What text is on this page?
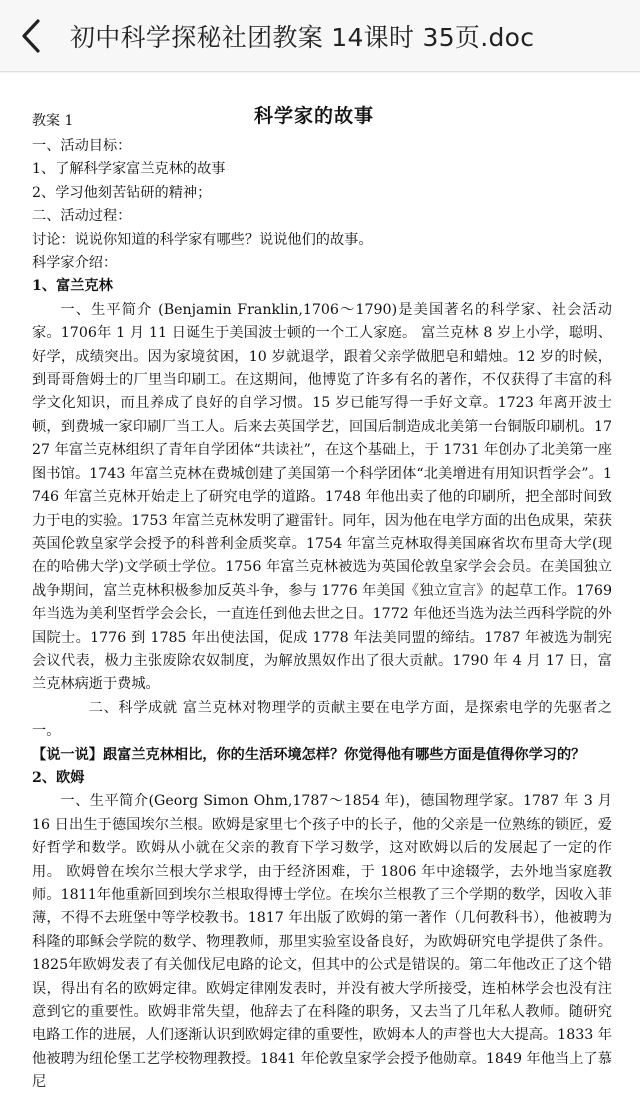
初中科学探秘社团教案 14课时 35页.doc
教案 1	科学家的故事
一、活动目标：
1、了解科学家富兰克林的故事
2、学习他刻苦钻研的精神；
二、活动过程：
讨论：说说你知道的科学家有哪些？说说他们的故事。
科学家介绍：
1、富兰克林

一、生平简介 (Benjamin Franklin,1706～1790)是美国著名的科学家、社会活动家。1706年 1 月 11 日诞生于美国波士顿的一个工人家庭。 富兰克林 8 岁上小学，聪明、好学，成绩突出。因为家境贫困，10 岁就退学，跟着父亲学做肥皂和蜡烛。12 岁的时候，到哥哥詹姆士的厂里当印刷工。在这期间，他博览了许多有名的著作，不仅获得了丰富的科学文化知识，而且养成了良好的自学习惯。15 岁已能写得一手好文章。1723 年离开波士顿，到费城一家印刷厂当工人。后来去英国学艺，回国后制造成北美第一台铜版印刷机。1727 年富兰克林组织了青年自学团体“共读社”，在这个基础上，于 1731 年创办了北美第一座图书馆。1743 年富兰克林在费城创建了美国第一个科学团体“北美增进有用知识哲学会”。1746 年富兰克林开始走上了研究电学的道路。1748 年他出卖了他的印刷所，把全部时间致力于电的实验。1753 年富兰克林发明了避雷针。同年，因为他在电学方面的出色成果，荣获英国伦敦皇家学会授予的科普利金质奖章。1754 年富兰克林取得美国麻省坎布里奇大学(现在的哈佛大学)文学硕士学位。1756 年富兰克林被选为英国伦敦皇家学会会员。在美国独立战争期间，富兰克林积极参加反英斗争，参与 1776 年美国《独立宣言》的起草工作。1769 年当选为美利坚哲学会会长，一直连任到他去世之日。1772 年他还当选为法兰西科学院的外国院士。1776 到 1785 年出使法国，促成 1778 年法美同盟的缔结。1787 年被选为制宪会议代表，极力主张废除农奴制度，为解放黑奴作出了很大贡献。1790 年 4 月 17 日，富兰克林病逝于费城。

二、科学成就 富兰克林对物理学的贡献主要在电学方面，是探索电学的先驱者之一。

【说一说】跟富兰克林相比，你的生活环境怎样？你觉得他有哪些方面是值得你学习的？
2、欧姆

一、生平简介(Georg Simon Ohm,1787～1854 年)，德国物理学家。1787 年 3 月 16 日出生于德国埃尔兰根。欧姆是家里七个孩子中的长子，他的父亲是一位熟练的锁匠，爱好哲学和数学。欧姆从小就在父亲的教育下学习数学，这对欧姆以后的发展起了一定的作用。 欧姆曾在埃尔兰根大学求学，由于经济困难，于 1806 年中途辍学，去外地当家庭教师。1811年他重新回到埃尔兰根取得博士学位。在埃尔兰根教了三个学期的数学，因收入菲薄，不得不去班堡中等学校教书。1817 年出版了欧姆的第一著作（几何教科书），他被聘为科隆的耶稣会学院的数学、物理教师，那里实验室设备良好，为欧姆研究电学提供了条件。 1825年欧姆发表了有关伽伐尼电路的论文，但其中的公式是错误的。第二年他改正了这个错误，得出有名的欧姆定律。欧姆定律刚发表时，并没有被大学所接受，连柏林学会也没有注意到它的重要性。欧姆非常失望，他辞去了在科隆的职务，又去当了几年私人教师。随研究电路工作的进展，人们逐渐认识到欧姆定律的重要性，欧姆本人的声誉也大大提高。1833 年他被聘为纽伦堡工艺学校物理教授。1841 年伦敦皇家学会授予他勋章。1849 年他当上了慕尼
